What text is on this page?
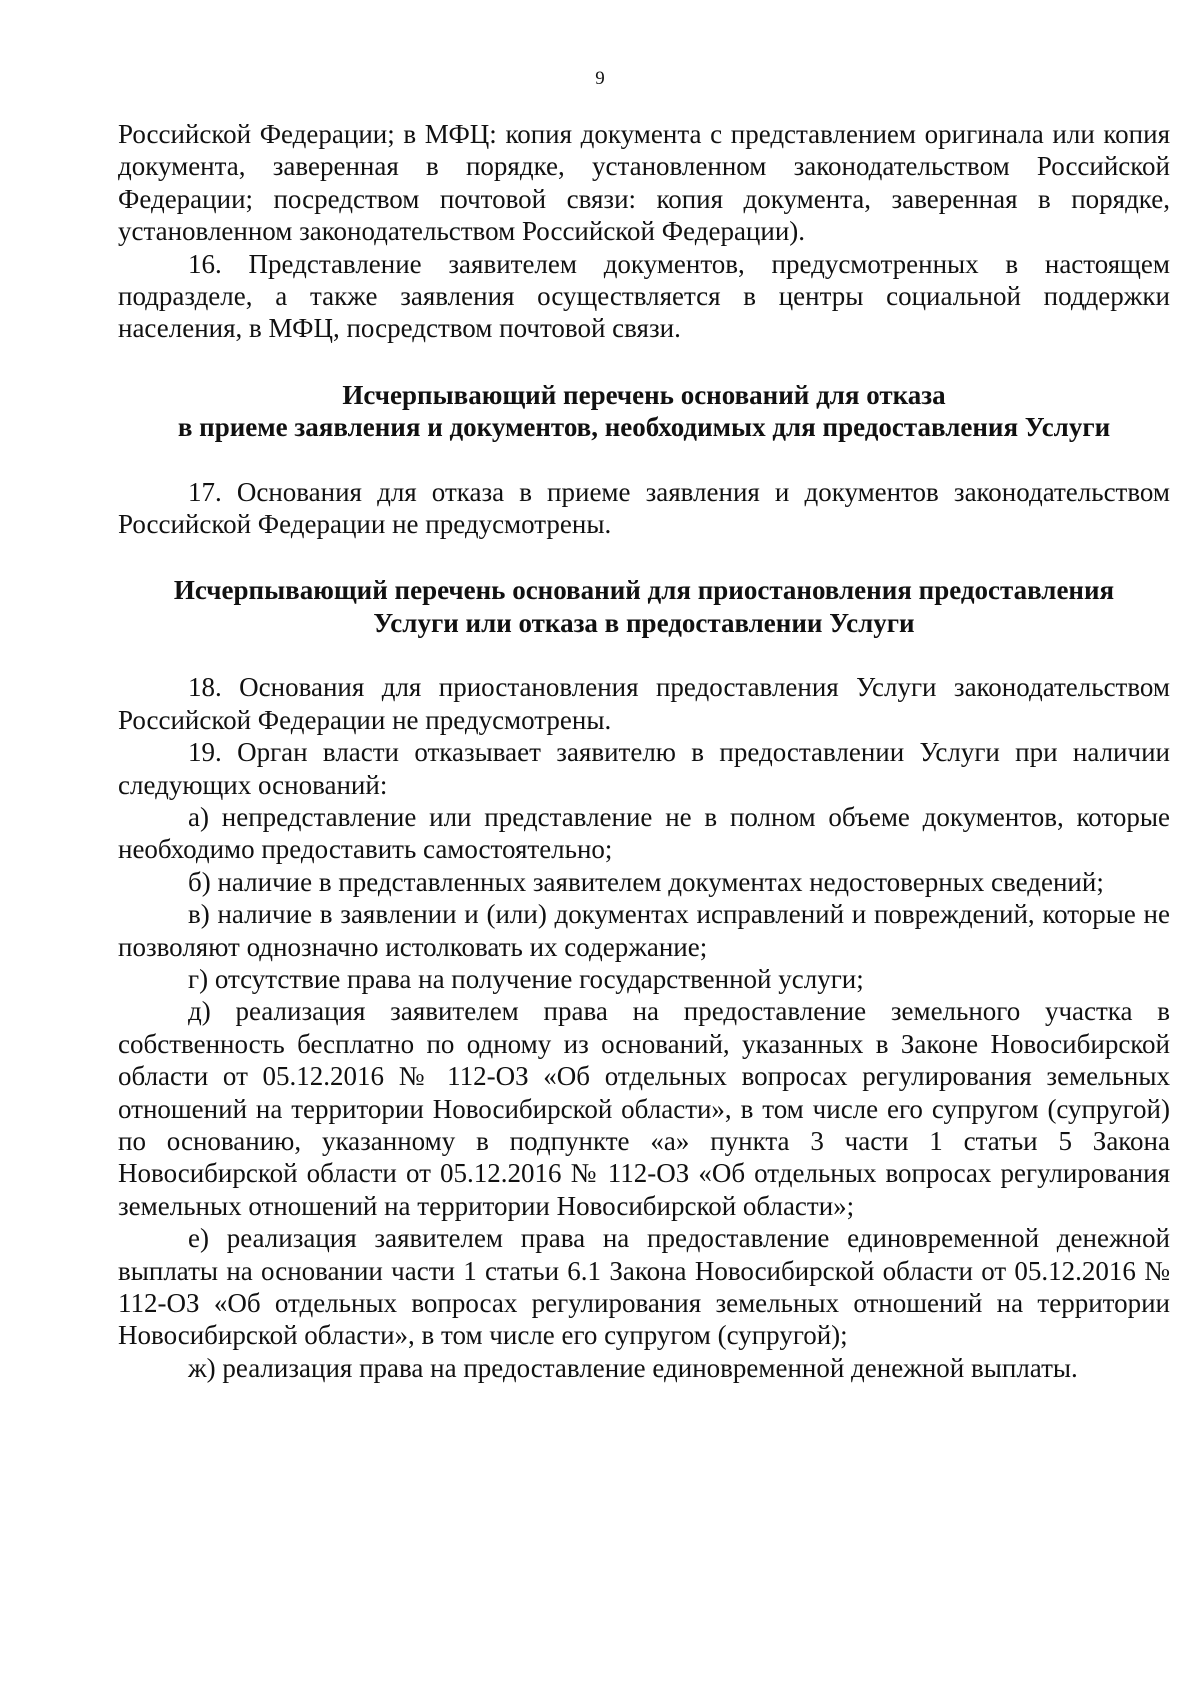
9

Российской Федерации; в МФЦ: копия документа с представлением оригинала или копия документа, заверенная в порядке, установленном законодательством Российской Федерации; посредством почтовой связи: копия документа, заверенная в порядке, установленном законодательством Российской Федерации).

16. Представление заявителем документов, предусмотренных в настоящем подразделе, а также заявления осуществляется в центры социальной поддержки населения, в МФЦ, посредством почтовой связи.

Исчерпывающий перечень оснований для отказа
в приеме заявления и документов, необходимых для предоставления Услуги

17. Основания для отказа в приеме заявления и документов законодательством Российской Федерации не предусмотрены.

Исчерпывающий перечень оснований для приостановления предоставления
Услуги или отказа в предоставлении Услуги

18. Основания для приостановления предоставления Услуги законодательством Российской Федерации не предусмотрены.

19. Орган власти отказывает заявителю в предоставлении Услуги при наличии следующих оснований:

а) непредставление или представление не в полном объеме документов, которые необходимо предоставить самостоятельно;

б) наличие в представленных заявителем документах недостоверных сведений;

в) наличие в заявлении и (или) документах исправлений и повреждений, которые не позволяют однозначно истолковать их содержание;

г) отсутствие права на получение государственной услуги;

д) реализация заявителем права на предоставление земельного участка в собственность бесплатно по одному из оснований, указанных в Законе Новосибирской области от 05.12.2016 № 112-ОЗ «Об отдельных вопросах регулирования земельных отношений на территории Новосибирской области», в том числе его супругом (супругой) по основанию, указанному в подпункте «а» пункта 3 части 1 статьи 5 Закона Новосибирской области от 05.12.2016 № 112-ОЗ «Об отдельных вопросах регулирования земельных отношений на территории Новосибирской области»;

е) реализация заявителем права на предоставление единовременной денежной выплаты на основании части 1 статьи 6.1 Закона Новосибирской области от 05.12.2016 № 112-ОЗ «Об отдельных вопросах регулирования земельных отношений на территории Новосибирской области», в том числе его супругом (супругой);

ж) реализация права на предоставление единовременной денежной выплаты.
